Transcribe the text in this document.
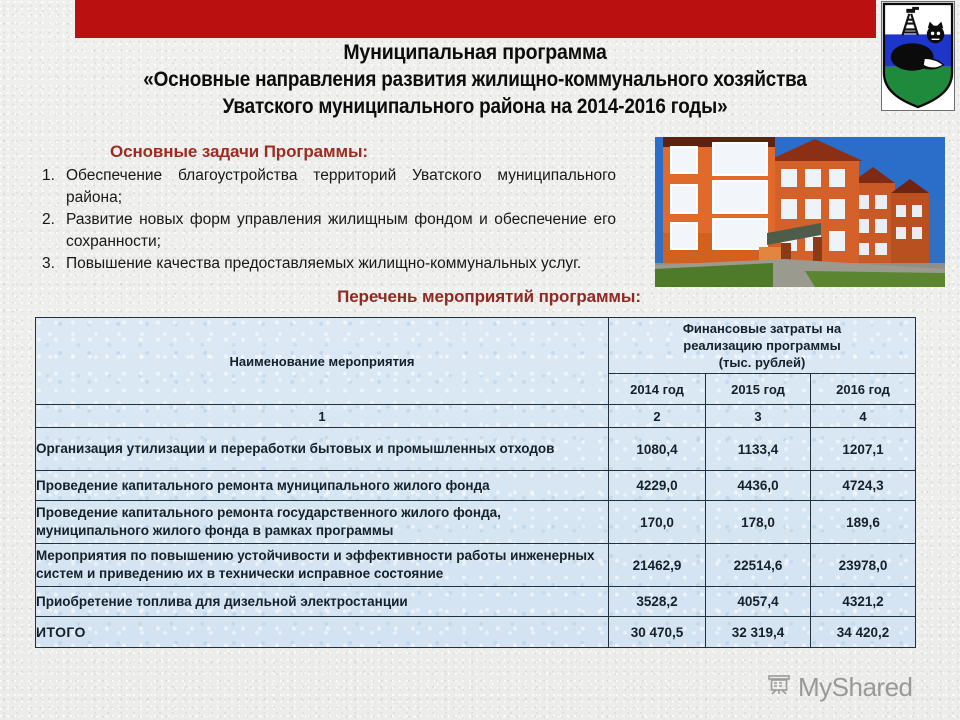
Муниципальная программа
«Основные направления развития жилищно-коммунального хозяйства
Уватского муниципального района на 2014-2016 годы»
Основные задачи Программы:
1. Обеспечение благоустройства территорий Уватского муниципального района;
2. Развитие новых форм управления жилищным фондом и обеспечение его сохранности;
3. Повышение качества предоставляемых жилищно-коммунальных услуг.
Перечень мероприятий программы:
Наименование мероприятия	Финансовые затраты на
реализацию программы
(тыс. рублей)		

	2014 год	2015 год	2016 год
1	2	3	4
Организация утилизации и переработки бытовых и промышленных отходов	1080,4	1133,4	1207,1
Проведение капитального ремонта муниципального жилого фонда	4229,0	4436,0	4724,3
Проведение капитального ремонта государственного жилого фонда, муниципального жилого фонда в рамках программы	170,0	178,0	189,6
Мероприятия по повышению устойчивости и эффективности работы инженерных систем и приведению их в технически исправное состояние	21462,9	22514,6	23978,0
Приобретение топлива для дизельной электростанции	3528,2	4057,4	4321,2
ИТОГО	30 470,5	32 319,4	34 420,2
MyShared
